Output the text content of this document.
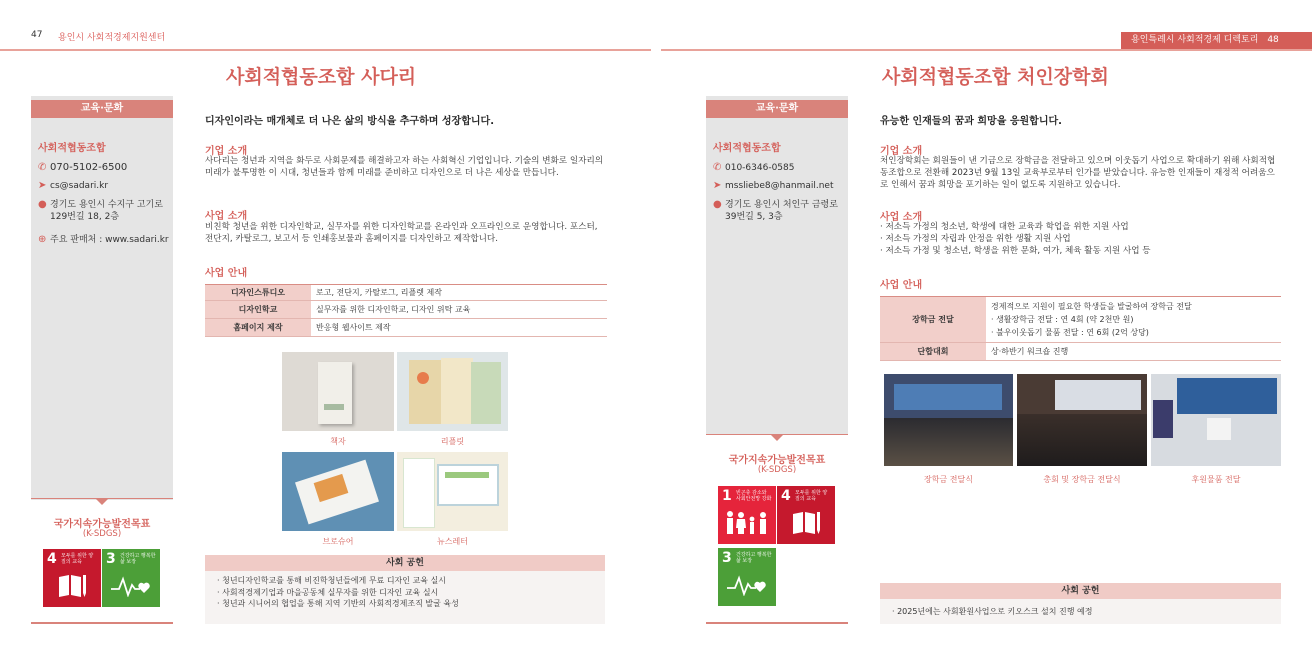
47 용인시 사회적경제지원센터
사회적협동조합 사다리
교육·문화
사회적협동조합
✆ 070-5102-6500
➤ cs@sadari.kr
● 경기도 용인시 수지구 고기로 129번길 18, 2층
⊕ 주요 판매처 : www.sadari.kr
국가지속가능발전목표
(K-SDGS)
4 모두를 위한 양질의 교육	3 건강하고 행복한 삶 보장
디자인이라는 매개체로 더 나은 삶의 방식을 추구하며 성장합니다.
기업 소개
사다리는 청년과 지역을 화두로 사회문제를 해결하고자 하는 사회혁신 기업입니다. 기술의 변화로 일자리의 미래가 불투명한 이 시대, 청년들과 함께 미래를 준비하고 디자인으로 더 나은 세상을 만듭니다.
사업 소개
비친학 청년을 위한 디자인학교, 실무자를 위한 디자인학교를 온라인과 오프라인으로 운영합니다. 포스터, 전단지, 카탈로그, 보고서 등 인쇄홍보물과 홈페이지를 디자인하고 제작합니다.
사업 안내
디자인스튜디오	로고, 전단지, 카탈로그, 리플렛 제작
디자인학교	실무자를 위한 디자인학교, 디자인 위탁 교육
홈페이지 제작	반응형 웹사이트 제작
책자	리플릿
브로슈어	뉴스레터
사회 공헌
· 청년디자인학교를 통해 비진학청년들에게 무료 디자인 교육 실시
· 사회적경제기업과 마을공동체 실무자를 위한 디자인 교육 실시
· 청년과 시니어의 협업을 통해 지역 기반의 사회적경제조직 발굴 육성
용인특례시 사회적경제 디렉토리 48
사회적협동조합 처인장학회
교육·문화
사회적협동조합
✆ 010-6346-0585
➤ mssliebe8@hanmail.net
● 경기도 용인시 처인구 금령로 39번길 5, 3층
국가지속가능발전목표
(K-SDGS)
1 빈곤층 감소와 사회안전망 강화 4 모두를 위한 양질의 교육
3 건강하고 행복한 삶 보장
유능한 인재들의 꿈과 희망을 응원합니다.
기업 소개
처인장학회는 회원들이 낸 기금으로 장학금을 전달하고 있으며 이웃돕기 사업으로 확대하기 위해 사회적협동조합으로 전환해 2023년 9월 13일 교육부로부터 인가를 받았습니다. 유능한 인재들이 재정적 어려움으로 인해서 꿈과 희망을 포기하는 일이 없도록 지원하고 있습니다.
사업 소개
· 저소득 가정의 청소년, 학생에 대한 교육과 학업을 위한 지원 사업
· 저소득 가정의 자립과 안정을 위한 생활 지원 사업
· 저소득 가정 및 청소년, 학생을 위한 문화, 여가, 체육 활동 지원 사업 등
사업 안내
장학금 전달	경제적으로 지원이 필요한 학생들을 발굴하여 장학금 전달
· 생활장학금 전달 : 연 4회 (약 2천만 원)
· 불우이웃돕기 물품 전달 : 연 6회 (2억 상당)

단합대회	상·하반기 워크숍 진행
장학금 전달식	총회 및 장학금 전달식	후원물품 전달
사회 공헌
· 2025년에는 사회환원사업으로 키오스크 설치 진행 예정
